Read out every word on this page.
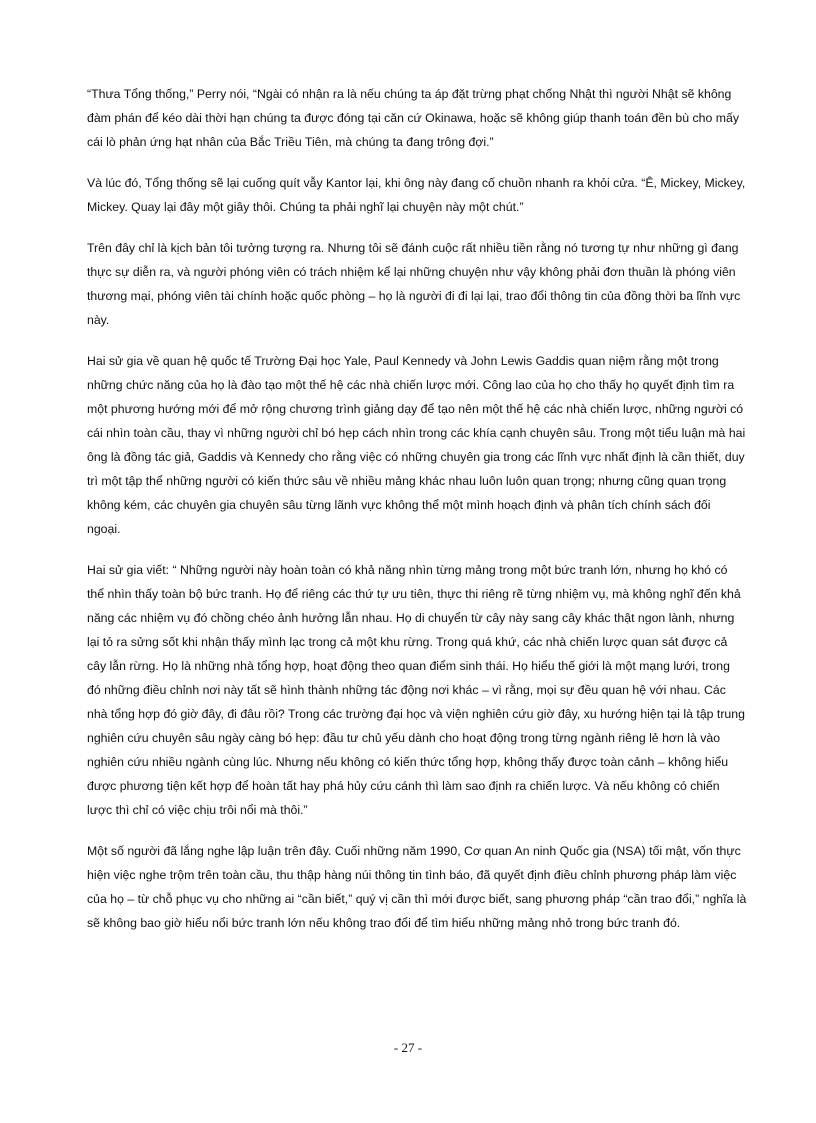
“Thưa Tổng thống,” Perry nói, “Ngài có nhận ra là nếu chúng ta áp đặt trừng phạt chống Nhật thì người Nhật sẽ không đàm phán để kéo dài thời hạn chúng ta được đóng tại căn cứ Okinawa, hoặc sẽ không giúp thanh toán đền bù cho mấy cái lò phản ứng hạt nhân của Bắc Triều Tiên, mà chúng ta đang trông đợi.”

Và lúc đó, Tổng thống sẽ lại cuống quít vẫy Kantor lại, khi ông này đang cố chuồn nhanh ra khỏi cửa. “Ê, Mickey, Mickey, Mickey. Quay lại đây một giây thôi. Chúng ta phải nghĩ lại chuyện này một chút.”

Trên đây chỉ là kịch bản tôi tưởng tượng ra. Nhưng tôi sẽ đánh cuộc rất nhiều tiền rằng nó tương tự như những gì đang thực sự diễn ra, và người phóng viên có trách nhiệm kể lại những chuyện như vậy không phải đơn thuần là phóng viên thương mại, phóng viên tài chính hoặc quốc phòng – họ là người đi đi lại lại, trao đổi thông tin của đồng thời ba lĩnh vực này.

Hai sử gia về quan hệ quốc tế Trường Đại học Yale, Paul Kennedy và John Lewis Gaddis quan niệm rằng một trong những chức năng của họ là đào tạo một thế hệ các nhà chiến lược mới. Công lao của họ cho thấy họ quyết định tìm ra một phương hướng mới để mở rộng chương trình giảng dạy để tạo nên một thế hệ các nhà chiến lược, những người có cái nhìn toàn cầu, thay vì những người chỉ bó hẹp cách nhìn trong các khía cạnh chuyên sâu. Trong một tiểu luận mà hai ông là đồng tác giả, Gaddis và Kennedy cho rằng việc có những chuyên gia trong các lĩnh vực nhất định là cần thiết, duy trì một tập thể những người có kiến thức sâu về nhiều mảng khác nhau luôn luôn quan trọng; nhưng cũng quan trọng không kém, các chuyên gia chuyên sâu từng lãnh vực không thể một mình hoạch định và phân tích chính sách đối ngoại.

Hai sử gia viết: “ Những người này hoàn toàn có khả năng nhìn từng mảng trong một bức tranh lớn, nhưng họ khó có thể nhìn thấy toàn bộ bức tranh. Họ để riêng các thứ tự ưu tiên, thực thi riêng rẽ từng nhiệm vụ, mà không nghĩ đến khả năng các nhiệm vụ đó chồng chéo ảnh hưởng lẫn nhau. Họ di chuyển từ cây này sang cây khác thật ngon lành, nhưng lại tỏ ra sửng sốt khi nhận thấy mình lạc trong cả một khu rừng. Trong quá khứ, các nhà chiến lược quan sát được cả cây lẫn rừng. Họ là những nhà tổng hợp, hoạt động theo quan điểm sinh thái. Họ hiểu thế giới là một mạng lưới, trong đó những điều chỉnh nơi này tất sẽ hình thành những tác động nơi khác – vì rằng, mọi sự đều quan hệ với nhau. Các nhà tổng hợp đó giờ đây, đi đâu rồi? Trong các trường đại học và viện nghiên cứu giờ đây, xu hướng hiện tại là tập trung nghiên cứu chuyên sâu ngày càng bó hẹp: đầu tư chủ yếu dành cho hoạt động trong từng ngành riêng lẻ hơn là vào nghiên cứu nhiều ngành cùng lúc. Nhưng nếu không có kiến thức tổng hợp, không thấy được toàn cảnh – không hiểu được phương tiện kết hợp để hoàn tất hay phá hủy cứu cánh thì làm sao định ra chiến lược. Và nếu không có chiến lược thì chỉ có việc chịu trôi nổi mà thôi.”

Một số người đã lắng nghe lập luận trên đây. Cuối những năm 1990, Cơ quan An ninh Quốc gia (NSA) tối mật, vốn thực hiện việc nghe trộm trên toàn cầu, thu thập hàng núi thông tin tình báo, đã quyết định điều chỉnh phương pháp làm việc của họ – từ chỗ phục vụ cho những ai “cần biết,” quý vị cần thì mới được biết, sang phương pháp “cần trao đổi,” nghĩa là sẽ không bao giờ hiểu nổi bức tranh lớn nếu không trao đổi để tìm hiểu những mảng nhỏ trong bức tranh đó.

- 27 -
